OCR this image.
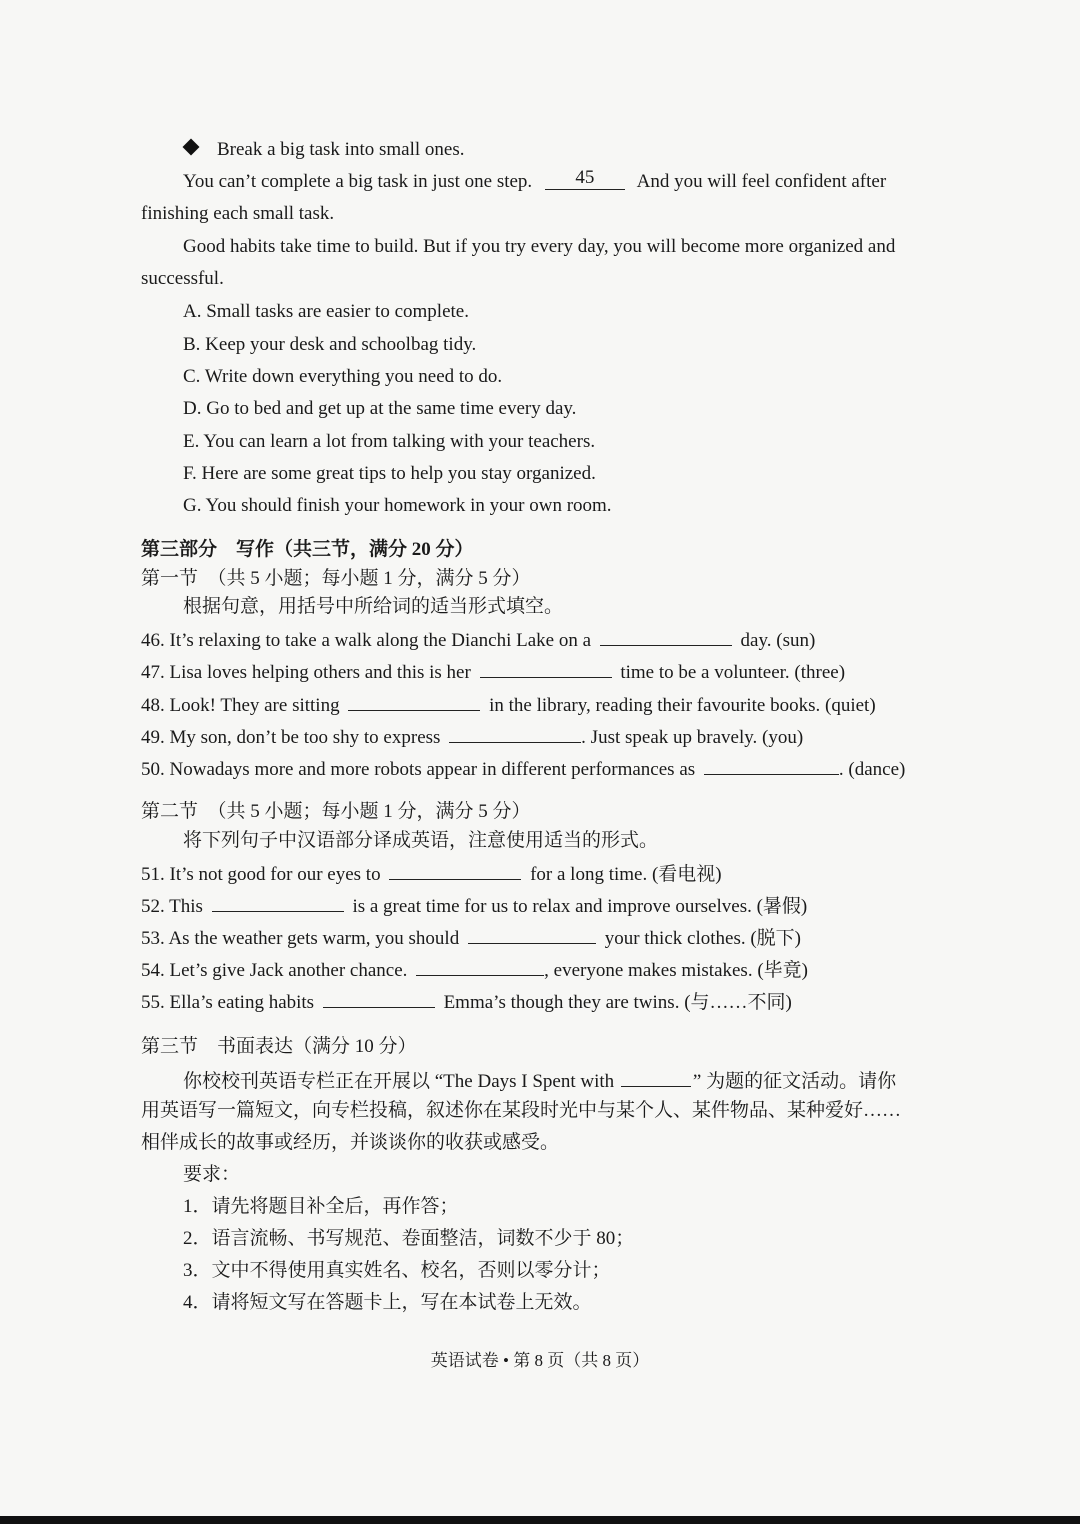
Break a big task into small ones.
You can’t complete a big task in just one step. 45 And you will feel confident after
finishing each small task.
Good habits take time to build. But if you try every day, you will become more organized and
successful.
A. Small tasks are easier to complete.
B. Keep your desk and schoolbag tidy.
C. Write down everything you need to do.
D. Go to bed and get up at the same time every day.
E. You can learn a lot from talking with your teachers.
F. Here are some great tips to help you stay organized.
G. You should finish your homework in your own room.
第三部分　写作（共三节，满分 20 分）
第一节　（共 5 小题；每小题 1 分，满分 5 分）
根据句意，用括号中所给词的适当形式填空。
46. It’s relaxing to take a walk along the Dianchi Lake on a	day. (sun)
47. Lisa loves helping others and this is her	time to be a volunteer. (three)
48. Look! They are sitting	in the library, reading their favourite books. (quiet)
49. My son, don’t be too shy to express	. Just speak up bravely. (you)
50. Nowadays more and more robots appear in different performances as	. (dance)
第二节　（共 5 小题；每小题 1 分，满分 5 分）
将下列句子中汉语部分译成英语，注意使用适当的形式。
51. It’s not good for our eyes to	for a long time. (看电视)
52. This	is a great time for us to relax and improve ourselves. (暑假)
53. As the weather gets warm, you should	your thick clothes. (脱下)
54. Let’s give Jack another chance.	, everyone makes mistakes. (毕竟)
55. Ella’s eating habits	Emma’s though they are twins. (与……不同)
第三节　书面表达（满分 10 分）
你校校刊英语专栏正在开展以 “The Days I Spent with	” 为题的征文活动。请你
用英语写一篇短文，向专栏投稿，叙述你在某段时光中与某个人、某件物品、某种爱好……
相伴成长的故事或经历，并谈谈你的收获或感受。
要求：
1．请先将题目补全后，再作答；
2．语言流畅、书写规范、卷面整洁，词数不少于 80；
3．文中不得使用真实姓名、校名，否则以零分计；
4．请将短文写在答题卡上，写在本试卷上无效。
英语试卷 • 第 8 页（共 8 页）
